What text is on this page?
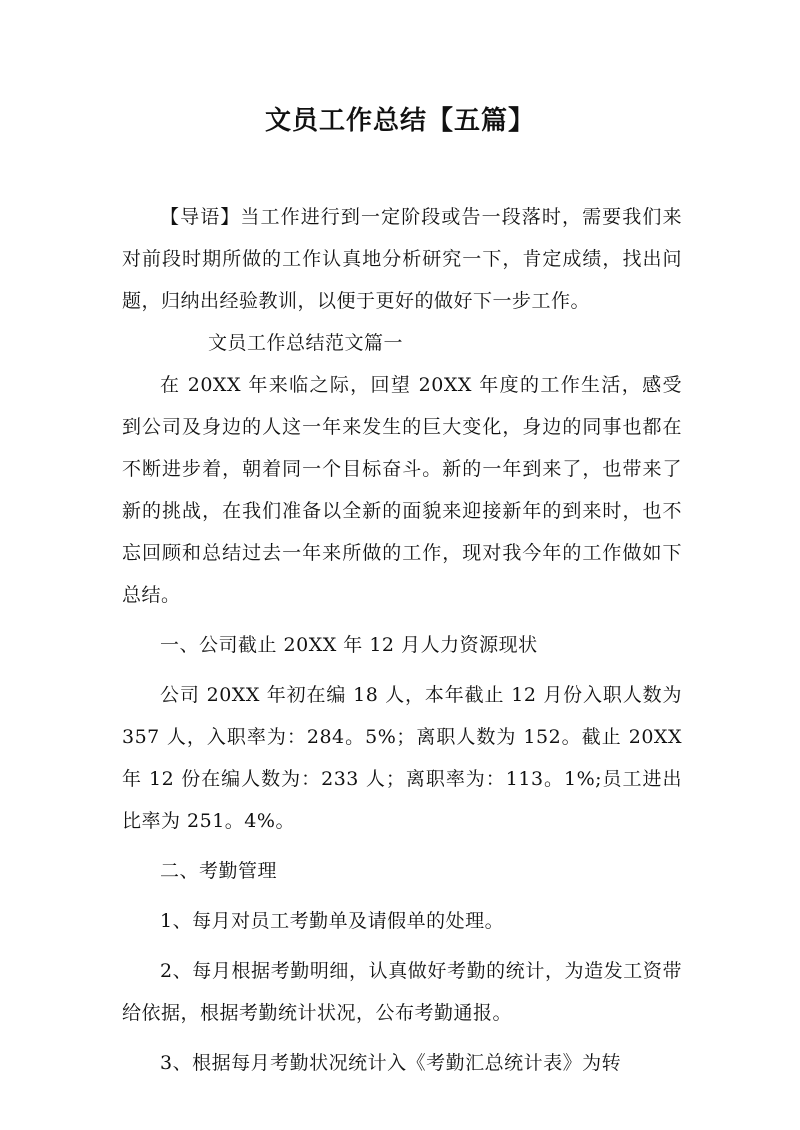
文员工作总结【五篇】

【导语】当工作进行到一定阶段或告一段落时，需要我们来对前段时期所做的工作认真地分析研究一下，肯定成绩，找出问题，归纳出经验教训，以便于更好的做好下一步工作。

文员工作总结范文篇一

在 20XX 年来临之际，回望 20XX 年度的工作生活，感受到公司及身边的人这一年来发生的巨大变化，身边的同事也都在不断进步着，朝着同一个目标奋斗。新的一年到来了，也带来了新的挑战，在我们准备以全新的面貌来迎接新年的到来时，也不忘回顾和总结过去一年来所做的工作，现对我今年的工作做如下总结。

一、公司截止 20XX 年 12 月人力资源现状

公司 20XX 年初在编 18 人，本年截止 12 月份入职人数为 357 人，入职率为：284。5%；离职人数为 152。截止 20XX 年 12 份在编人数为：233 人；离职率为：113。1%;员工进出比率为 251。4%。

二、考勤管理

1、每月对员工考勤单及请假单的处理。

2、每月根据考勤明细，认真做好考勤的统计，为造发工资带给依据，根据考勤统计状况，公布考勤通报。

3、根据每月考勤状况统计入《考勤汇总统计表》为转
